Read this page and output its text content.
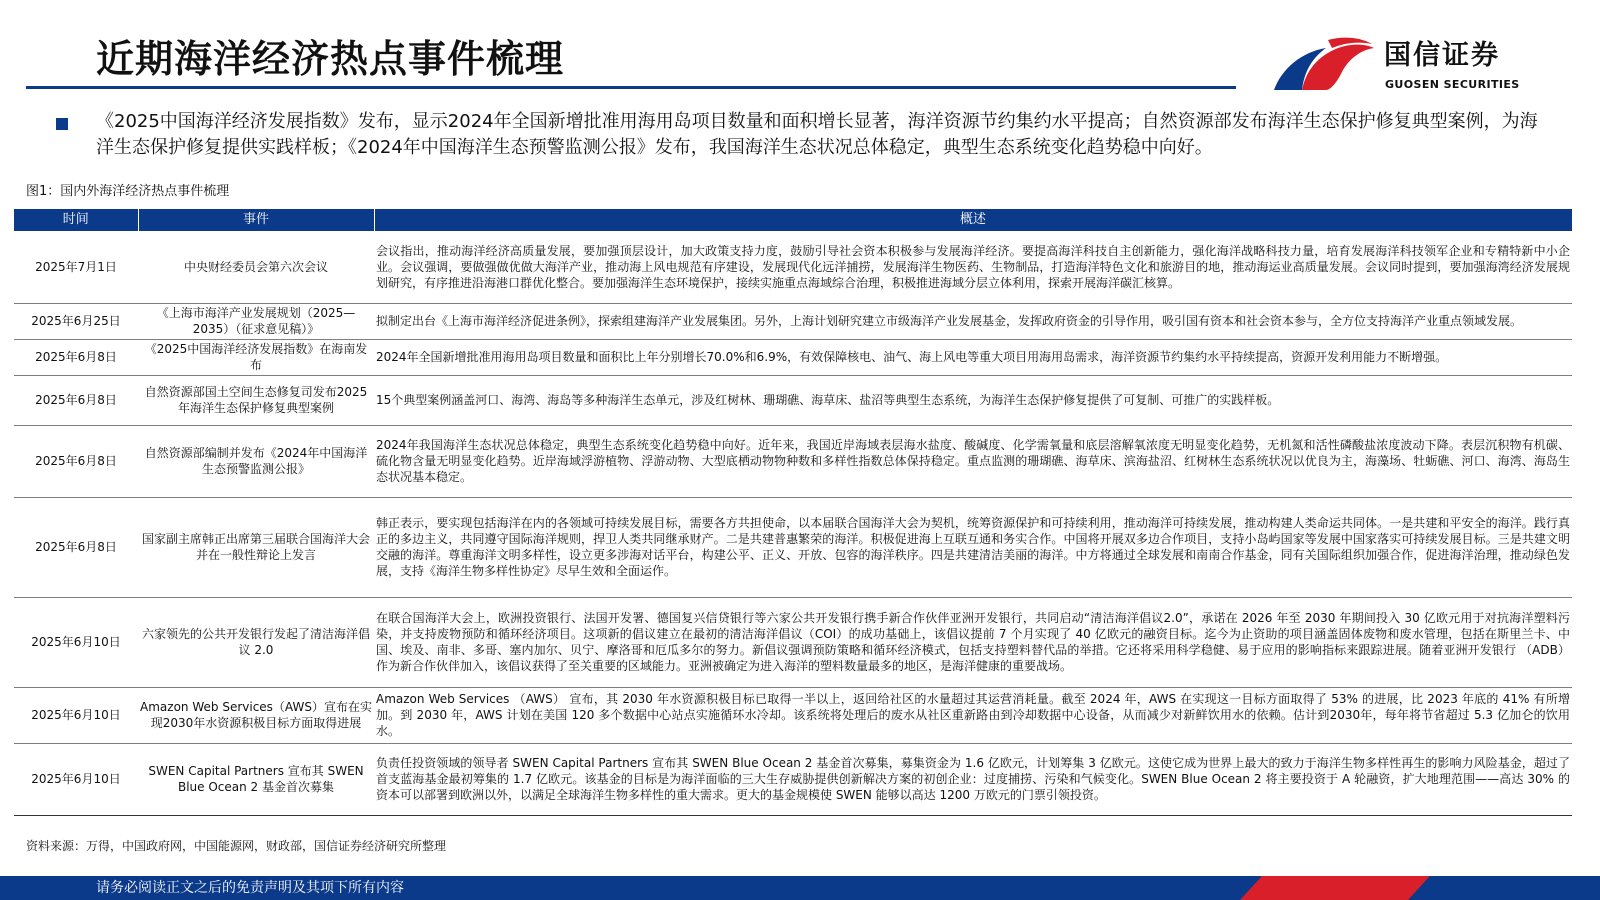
近期海洋经济热点事件梳理	国信证券
GUOSEN SECURITIES
《2025中国海洋经济发展指数》发布，显示2024年全国新增批准用海用岛项目数量和面积增长显著，海洋资源节约集约水平提高；自然资源部发布海洋生态保护修复典型案例，为海洋生态保护修复提供实践样板；《2024年中国海洋生态预警监测公报》发布，我国海洋生态状况总体稳定，典型生态系统变化趋势稳中向好。
图1：国内外海洋经济热点事件梳理
时间	事件	概述
2025年7月1日	中央财经委员会第六次会议	会议指出，推动海洋经济高质量发展，要加强顶层设计，加大政策支持力度，鼓励引导社会资本积极参与发展海洋经济。要提高海洋科技自主创新能力，强化海洋战略科技力量，培育发展海洋科技领军企业和专精特新中小企业。会议强调，要做强做优做大海洋产业，推动海上风电规范有序建设，发展现代化远洋捕捞，发展海洋生物医药、生物制品，打造海洋特色文化和旅游目的地，推动海运业高质量发展。会议同时提到，要加强海湾经济发展规划研究，有序推进沿海港口群优化整合。要加强海洋生态环境保护，接续实施重点海域综合治理，积极推进海域分层立体利用，探索开展海洋碳汇核算。
2025年6月25日	《上海市海洋产业发展规划（2025—2035）（征求意见稿）》	拟制定出台《上海市海洋经济促进条例》，探索组建海洋产业发展集团。另外，上海计划研究建立市级海洋产业发展基金，发挥政府资金的引导作用，吸引国有资本和社会资本参与，全方位支持海洋产业重点领域发展。
2025年6月8日	《2025中国海洋经济发展指数》在海南发布	2024年全国新增批准用海用岛项目数量和面积比上年分别增长70.0%和6.9%，有效保障核电、油气、海上风电等重大项目用海用岛需求，海洋资源节约集约水平持续提高，资源开发利用能力不断增强。
2025年6月8日	自然资源部国土空间生态修复司发布2025年海洋生态保护修复典型案例	15个典型案例涵盖河口、海湾、海岛等多种海洋生态单元，涉及红树林、珊瑚礁、海草床、盐沼等典型生态系统，为海洋生态保护修复提供了可复制、可推广的实践样板。
2025年6月8日	自然资源部编制并发布《2024年中国海洋生态预警监测公报》	2024年我国海洋生态状况总体稳定，典型生态系统变化趋势稳中向好。近年来，我国近岸海域表层海水盐度、酸碱度、化学需氧量和底层溶解氧浓度无明显变化趋势，无机氮和活性磷酸盐浓度波动下降。表层沉积物有机碳、硫化物含量无明显变化趋势。近岸海域浮游植物、浮游动物、大型底栖动物物种数和多样性指数总体保持稳定。重点监测的珊瑚礁、海草床、滨海盐沼、红树林生态系统状况以优良为主，海藻场、牡蛎礁、河口、海湾、海岛生态状况基本稳定。
2025年6月8日	国家副主席韩正出席第三届联合国海洋大会并在一般性辩论上发言	韩正表示，要实现包括海洋在内的各领域可持续发展目标，需要各方共担使命，以本届联合国海洋大会为契机，统筹资源保护和可持续利用，推动海洋可持续发展，推动构建人类命运共同体。一是共建和平安全的海洋。践行真正的多边主义，共同遵守国际海洋规则，捍卫人类共同继承财产。二是共建普惠繁荣的海洋。积极促进海上互联互通和务实合作。中国将开展双多边合作项目，支持小岛屿国家等发展中国家落实可持续发展目标。三是共建文明交融的海洋。尊重海洋文明多样性，设立更多涉海对话平台，构建公平、正义、开放、包容的海洋秩序。四是共建清洁美丽的海洋。中方将通过全球发展和南南合作基金，同有关国际组织加强合作，促进海洋治理，推动绿色发展，支持《海洋生物多样性协定》尽早生效和全面运作。
2025年6月10日	六家领先的公共开发银行发起了清洁海洋倡议 2.0	在联合国海洋大会上，欧洲投资银行、法国开发署、德国复兴信贷银行等六家公共开发银行携手新合作伙伴亚洲开发银行，共同启动“清洁海洋倡议2.0”，承诺在 2026 年至 2030 年期间投入 30 亿欧元用于对抗海洋塑料污染，并支持废物预防和循环经济项目。这项新的倡议建立在最初的清洁海洋倡议（COI）的成功基础上，该倡议提前 7 个月实现了 40 亿欧元的融资目标。迄今为止资助的项目涵盖固体废物和废水管理，包括在斯里兰卡、中国、埃及、南非、多哥、塞内加尔、贝宁、摩洛哥和厄瓜多尔的努力。新倡议强调预防策略和循环经济模式，包括支持塑料替代品的举措。它还将采用科学稳健、易于应用的影响指标来跟踪进展。随着亚洲开发银行 （ADB） 作为新合作伙伴加入，该倡议获得了至关重要的区域能力。亚洲被确定为进入海洋的塑料数量最多的地区，是海洋健康的重要战场。
2025年6月10日	Amazon Web Services（AWS）宣布在实现2030年水资源积极目标方面取得进展	Amazon Web Services （AWS） 宣布，其 2030 年水资源积极目标已取得一半以上，返回给社区的水量超过其运营消耗量。截至 2024 年，AWS 在实现这一目标方面取得了 53% 的进展，比 2023 年底的 41% 有所增加。到 2030 年，AWS 计划在美国 120 多个数据中心站点实施循环水冷却。该系统将处理后的废水从社区重新路由到冷却数据中心设备，从而减少对新鲜饮用水的依赖。估计到2030年，每年将节省超过 5.3 亿加仑的饮用水。
2025年6月10日	SWEN Capital Partners 宣布其 SWEN Blue Ocean 2 基金首次募集	负责任投资领域的领导者 SWEN Capital Partners 宣布其 SWEN Blue Ocean 2 基金首次募集，募集资金为 1.6 亿欧元，计划筹集 3 亿欧元。这使它成为世界上最大的致力于海洋生物多样性再生的影响力风险基金，超过了首支蓝海基金最初筹集的 1.7 亿欧元。该基金的目标是为海洋面临的三大生存威胁提供创新解决方案的初创企业：过度捕捞、污染和气候变化。SWEN Blue Ocean 2 将主要投资于 A 轮融资，扩大地理范围——高达 30% 的资本可以部署到欧洲以外，以满足全球海洋生物多样性的重大需求。更大的基金规模使 SWEN 能够以高达 1200 万欧元的门票引领投资。
资料来源：万得，中国政府网，中国能源网，财政部，国信证券经济研究所整理
请务必阅读正文之后的免责声明及其项下所有内容
